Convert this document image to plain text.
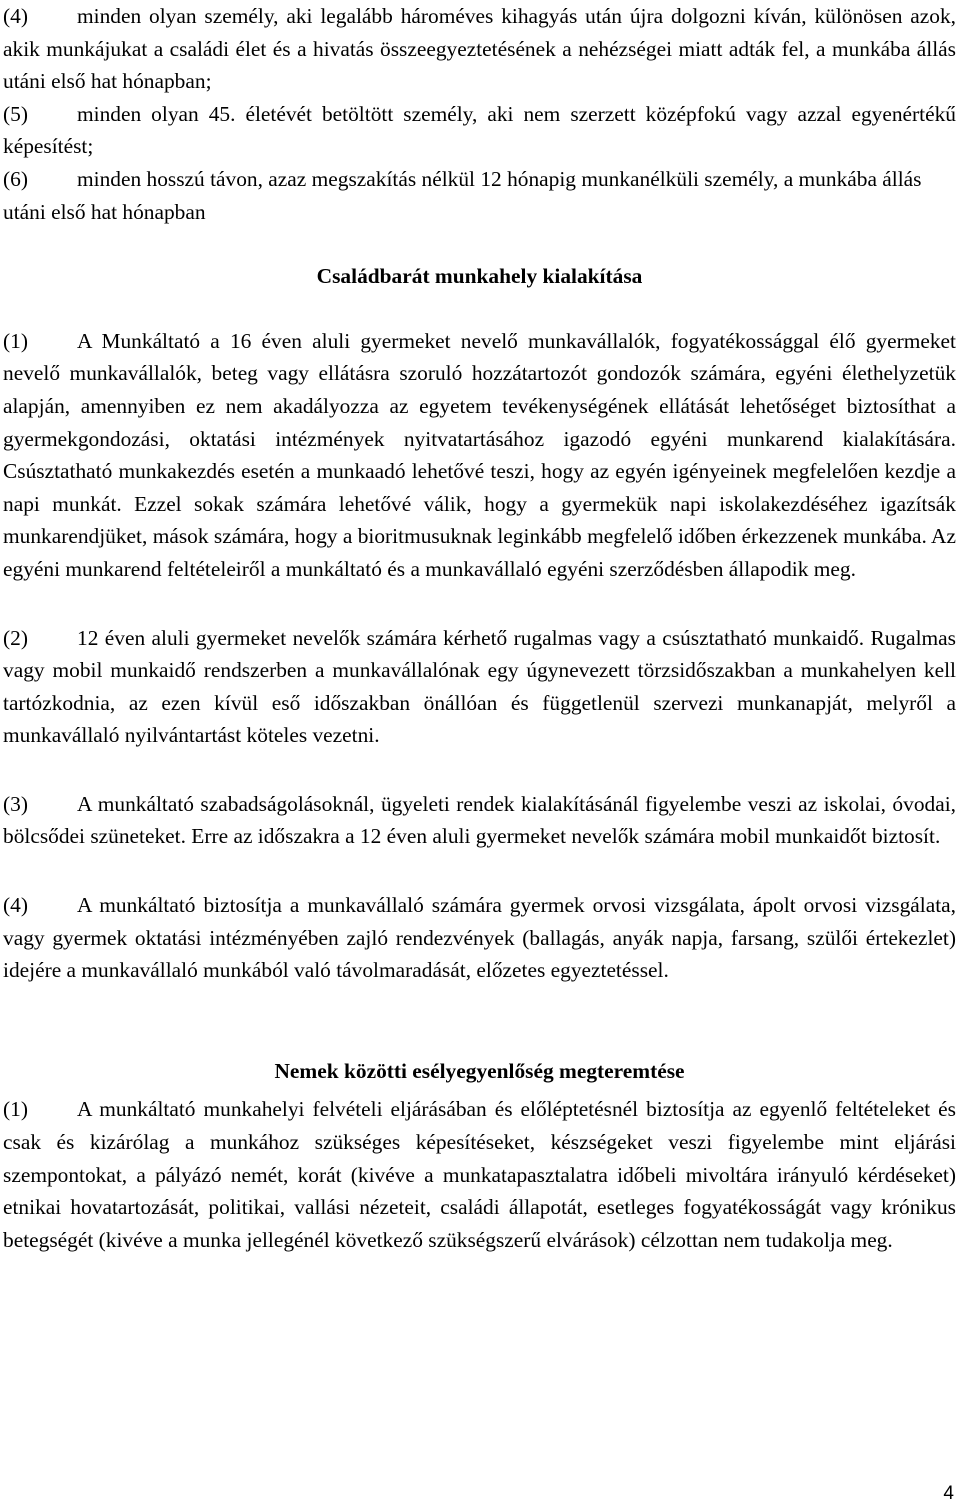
(4) minden olyan személy, aki legalább hároméves kihagyás után újra dolgozni kíván, különösen azok, akik munkájukat a családi élet és a hivatás összeegyeztetésének a nehézségei miatt adták fel, a munkába állás utáni első hat hónapban;

(5) minden olyan 45. életévét betöltött személy, aki nem szerzett középfokú vagy azzal egyenértékű képesítést;

(6) minden hosszú távon, azaz megszakítás nélkül 12 hónapig munkanélküli személy, a munkába állás utáni első hat hónapban

Családbarát munkahely kialakítása

(1) A Munkáltató a 16 éven aluli gyermeket nevelő munkavállalók, fogyatékossággal élő gyermeket nevelő munkavállalók, beteg vagy ellátásra szoruló hozzátartozót gondozók számára, egyéni élethelyzetük alapján, amennyiben ez nem akadályozza az egyetem tevékenységének ellátását lehetőséget biztosíthat a gyermekgondozási, oktatási intézmények nyitvatartásához igazodó egyéni munkarend kialakítására. Csúsztatható munkakezdés esetén a munkaadó lehetővé teszi, hogy az egyén igényeinek megfelelően kezdje a napi munkát. Ezzel sokak számára lehetővé válik, hogy a gyermekük napi iskolakezdéséhez igazítsák munkarendjüket, mások számára, hogy a bioritmusuknak leginkább megfelelő időben érkezzenek munkába. Az egyéni munkarend feltételeiről a munkáltató és a munkavállaló egyéni szerződésben állapodik meg.

(2) 12 éven aluli gyermeket nevelők számára kérhető rugalmas vagy a csúsztatható munkaidő. Rugalmas vagy mobil munkaidő rendszerben a munkavállalónak egy úgynevezett törzsidőszakban a munkahelyen kell tartózkodnia, az ezen kívül eső időszakban önállóan és függetlenül szervezi munkanapját, melyről a munkavállaló nyilvántartást köteles vezetni.

(3) A munkáltató szabadságolásoknál, ügyeleti rendek kialakításánál figyelembe veszi az iskolai, óvodai, bölcsődei szüneteket. Erre az időszakra a 12 éven aluli gyermeket nevelők számára mobil munkaidőt biztosít.

(4) A munkáltató biztosítja a munkavállaló számára gyermek orvosi vizsgálata, ápolt orvosi vizsgálata, vagy gyermek oktatási intézményében zajló rendezvények (ballagás, anyák napja, farsang, szülői értekezlet) idejére a munkavállaló munkából való távolmaradását, előzetes egyeztetéssel.

Nemek közötti esélyegyenlőség megteremtése

(1) A munkáltató munkahelyi felvételi eljárásában és előléptetésnél biztosítja az egyenlő feltételeket és csak és kizárólag a munkához szükséges képesítéseket, készségeket veszi figyelembe mint eljárási szempontokat, a pályázó nemét, korát (kivéve a munkatapasztalatra időbeli mivoltára irányuló kérdéseket) etnikai hovatartozását, politikai, vallási nézeteit, családi állapotát, esetleges fogyatékosságát vagy krónikus betegségét (kivéve a munka jellegénél következő szükségszerű elvárások) célzottan nem tudakolja meg.

4
